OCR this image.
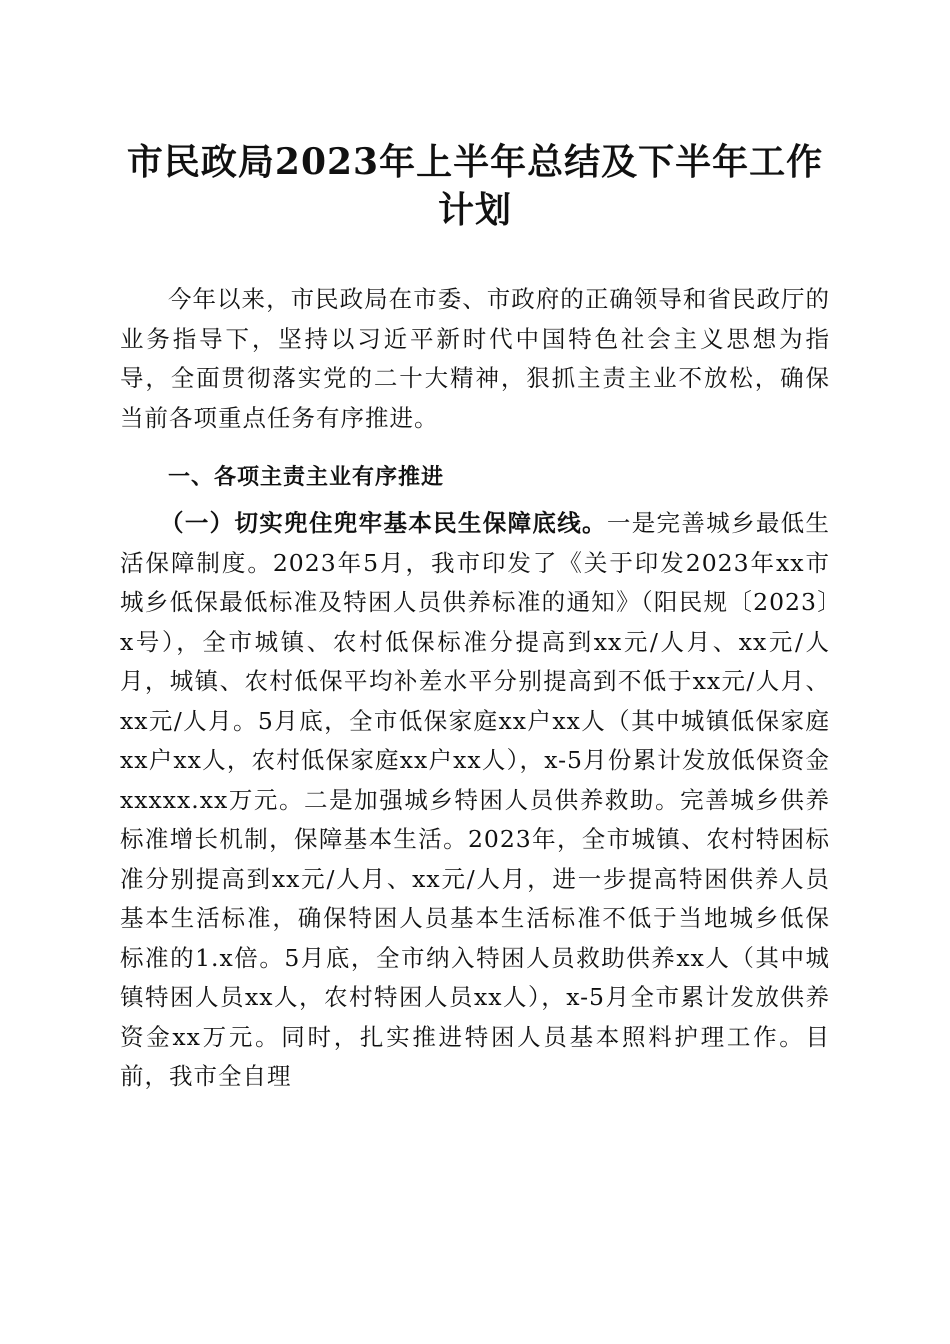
市民政局2023年上半年总结及下半年工作计划

今年以来，市民政局在市委、市政府的正确领导和省民政厅的业务指导下，坚持以习近平新时代中国特色社会主义思想为指导，全面贯彻落实党的二十大精神，狠抓主责主业不放松，确保当前各项重点任务有序推进。

一、各项主责主业有序推进

（一）切实兜住兜牢基本民生保障底线。一是完善城乡最低生活保障制度。2023年5月，我市印发了《关于印发2023年xx市城乡低保最低标准及特困人员供养标准的通知》（阳民规〔2023〕x号），全市城镇、农村低保标准分提高到xx元/人月、xx元/人月，城镇、农村低保平均补差水平分别提高到不低于xx元/人月、xx元/人月。5月底，全市低保家庭xx户xx人（其中城镇低保家庭xx户xx人，农村低保家庭xx户xx人），x-5月份累计发放低保资金xxxxx.xx万元。二是加强城乡特困人员供养救助。完善城乡供养标准增长机制，保障基本生活。2023年，全市城镇、农村特困标准分别提高到xx元/人月、xx元/人月，进一步提高特困供养人员基本生活标准，确保特困人员基本生活标准不低于当地城乡低保标准的1.x倍。5月底，全市纳入特困人员救助供养xx人（其中城镇特困人员xx人，农村特困人员xx人），x-5月全市累计发放供养资金xx万元。同时，扎实推进特困人员基本照料护理工作。目前，我市全自理
